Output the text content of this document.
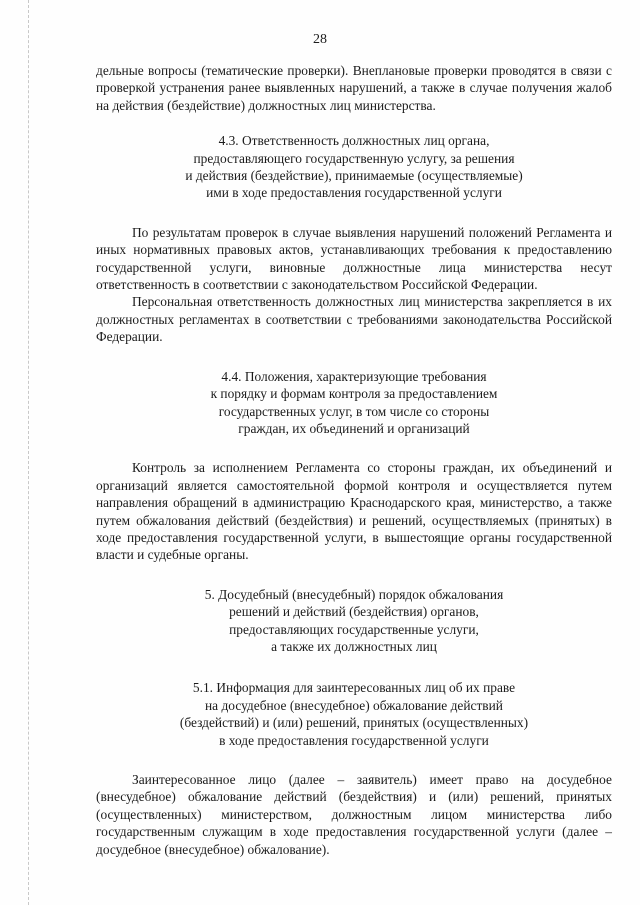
28

дельные вопросы (тематические проверки). Внеплановые проверки проводятся в связи с проверкой устранения ранее выявленных нарушений, а также в случае получения жалоб на действия (бездействие) должностных лиц министерства.

4.3. Ответственность должностных лиц органа,
предоставляющего государственную услугу, за решения
и действия (бездействие), принимаемые (осуществляемые)
ими в ходе предоставления государственной услуги

По результатам проверок в случае выявления нарушений положений Регламента и иных нормативных правовых актов, устанавливающих требования к предоставлению государственной услуги, виновные должностные лица министерства несут ответственность в соответствии с законодательством Российской Федерации.

Персональная ответственность должностных лиц министерства закрепляется в их должностных регламентах в соответствии с требованиями законодательства Российской Федерации.

4.4. Положения, характеризующие требования
к порядку и формам контроля за предоставлением
государственных услуг, в том числе со стороны
граждан, их объединений и организаций

Контроль за исполнением Регламента со стороны граждан, их объединений и организаций является самостоятельной формой контроля и осуществляется путем направления обращений в администрацию Краснодарского края, министерство, а также путем обжалования действий (бездействия) и решений, осуществляемых (принятых) в ходе предоставления государственной услуги, в вышестоящие органы государственной власти и судебные органы.

5. Досудебный (внесудебный) порядок обжалования
решений и действий (бездействия) органов,
предоставляющих государственные услуги,
а также их должностных лиц
5.1. Информация для заинтересованных лиц об их праве
на досудебное (внесудебное) обжалование действий
(бездействий) и (или) решений, принятых (осуществленных)
в ходе предоставления государственной услуги

Заинтересованное лицо (далее – заявитель) имеет право на досудебное (внесудебное) обжалование действий (бездействия) и (или) решений, принятых (осуществленных) министерством, должностным лицом министерства либо государственным служащим в ходе предоставления государственной услуги (далее – досудебное (внесудебное) обжалование).
